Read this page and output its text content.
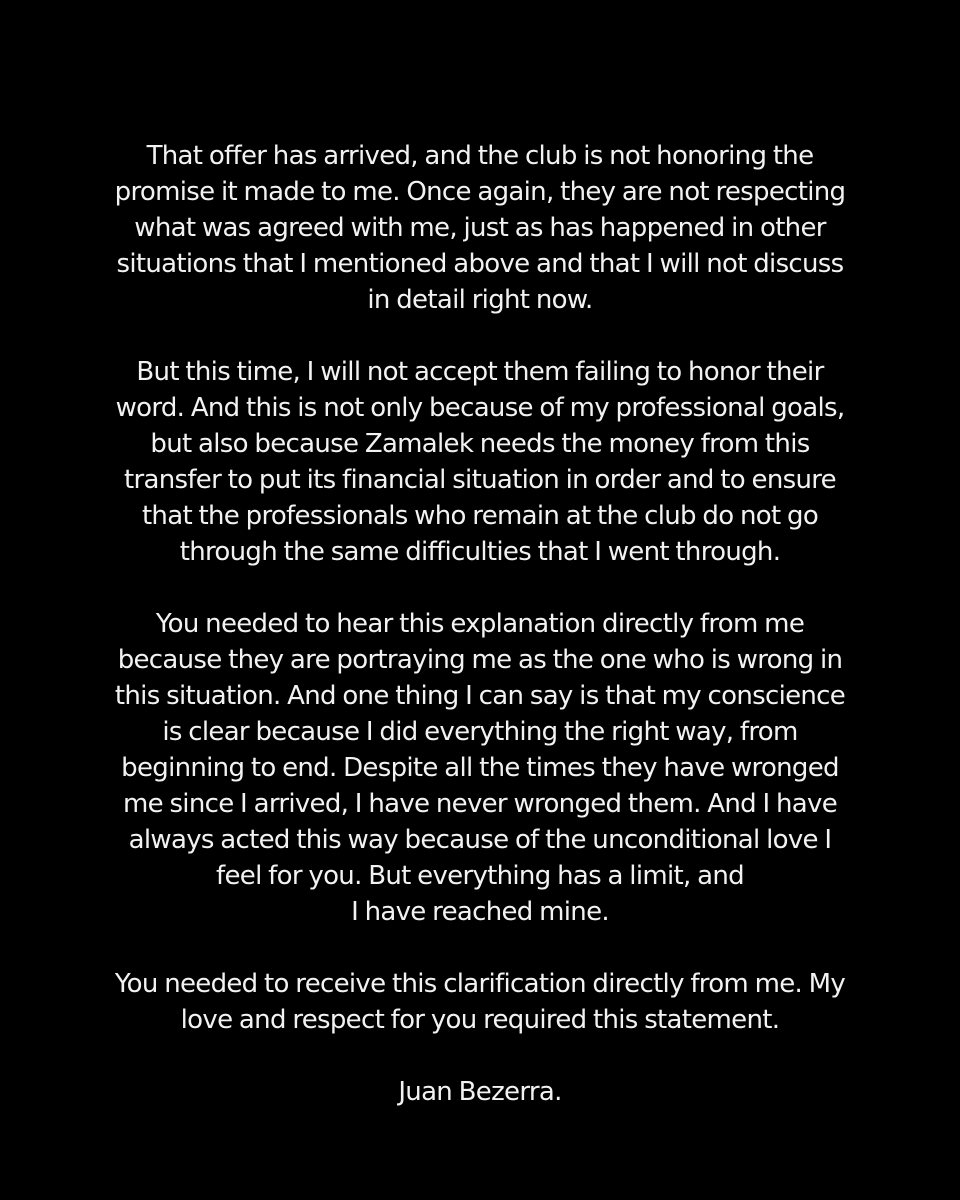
That offer has arrived, and the club is not honoring the
promise it made to me. Once again, they are not respecting
what was agreed with me, just as has happened in other
situations that I mentioned above and that I will not discuss
in detail right now.

But this time, I will not accept them failing to honor their
word. And this is not only because of my professional goals,
but also because Zamalek needs the money from this
transfer to put its financial situation in order and to ensure
that the professionals who remain at the club do not go
through the same difficulties that I went through.

You needed to hear this explanation directly from me
because they are portraying me as the one who is wrong in
this situation. And one thing I can say is that my conscience
is clear because I did everything the right way, from
beginning to end. Despite all the times they have wronged
me since I arrived, I have never wronged them. And I have
always acted this way because of the unconditional love I
feel for you. But everything has a limit, and
I have reached mine.

You needed to receive this clarification directly from me. My
love and respect for you required this statement.

Juan Bezerra.
